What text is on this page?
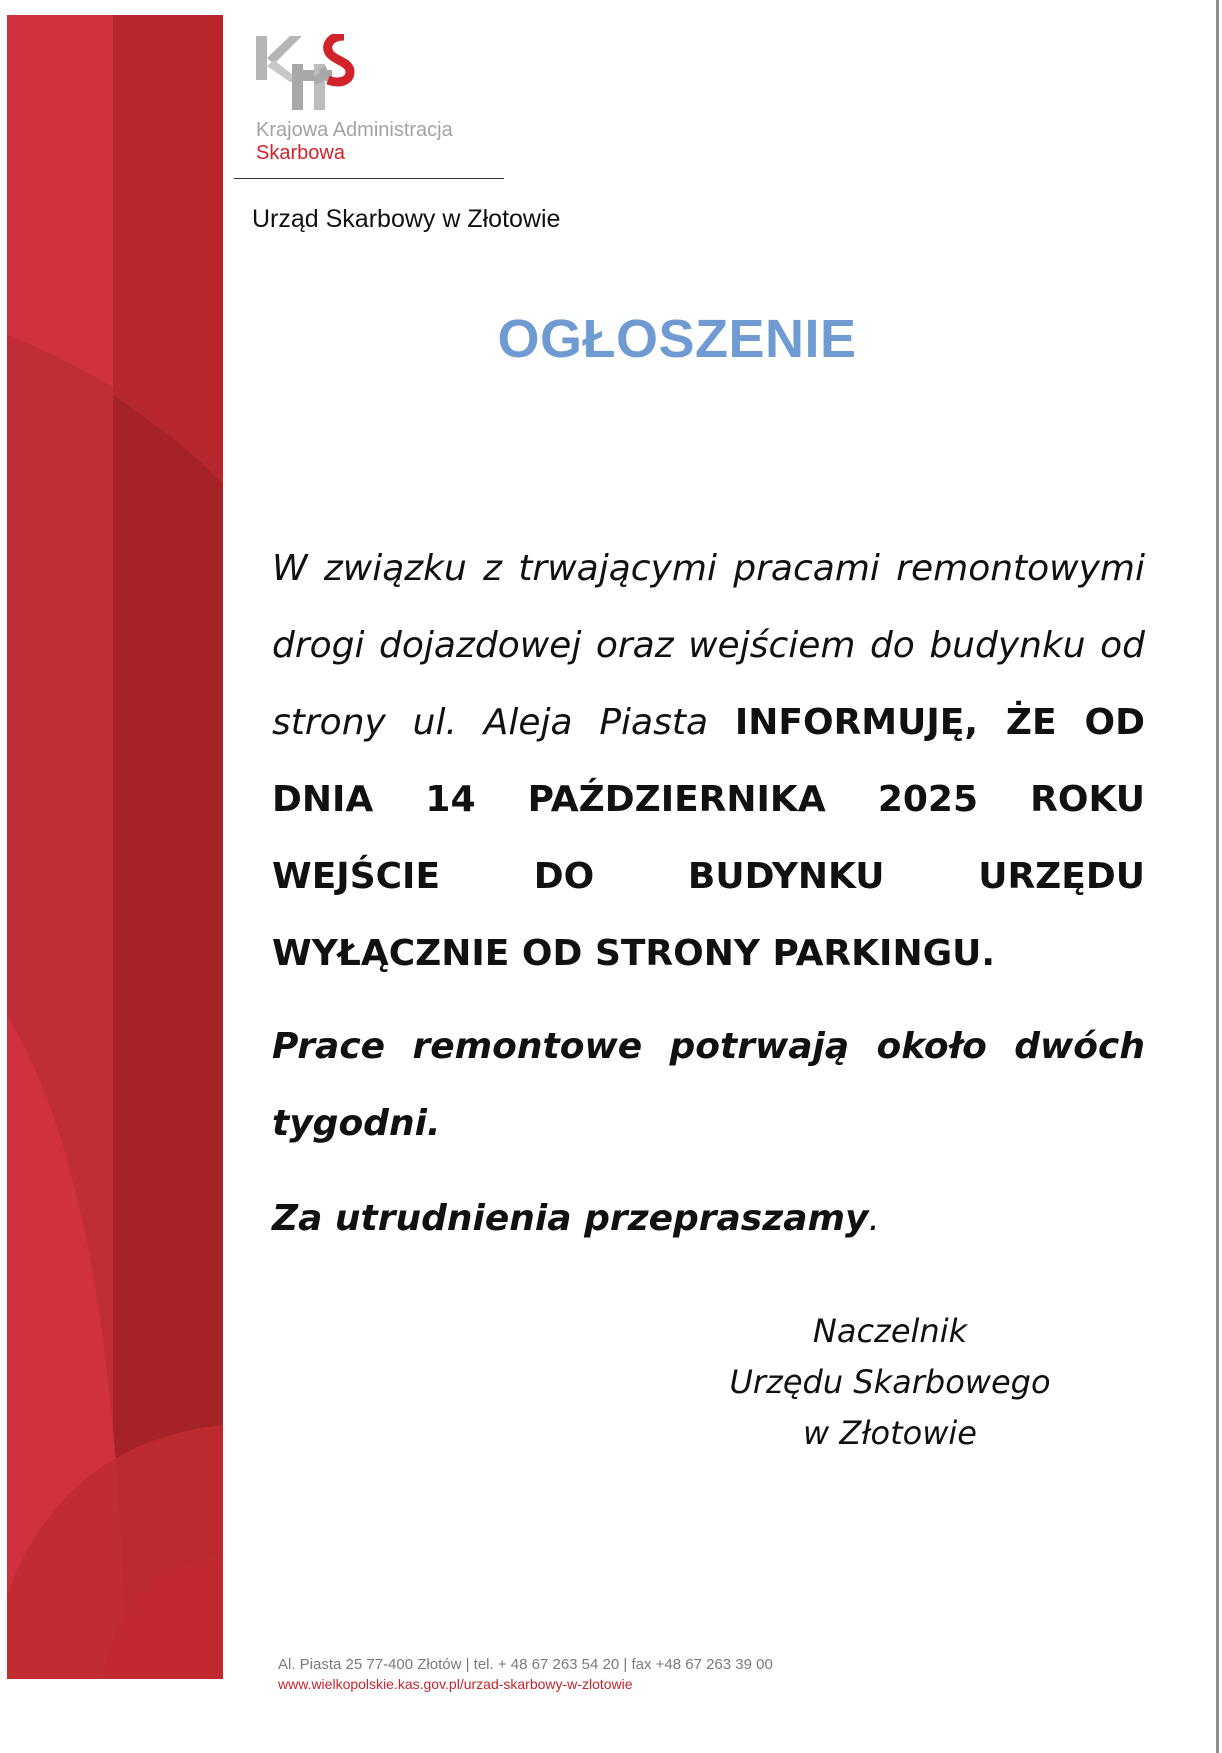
Krajowa Administracja
Skarbowa
Urząd Skarbowy w Złotowie
OGŁOSZENIE

W związku z trwającymi pracami remontowymi drogi dojazdowej oraz wejściem do budynku od strony ul. Aleja Piasta INFORMUJĘ, ŻE OD DNIA 14 PAŹDZIERNIKA 2025 ROKU WEJŚCIE DO BUDYNKU URZĘDU WYŁĄCZNIE OD STRONY PARKINGU.

Prace remontowe potrwają około dwóch tygodni.

Za utrudnienia przepraszamy.

Naczelnik
Urzędu Skarbowego
w Złotowie
Al. Piasta 25 77-400 Złotów | tel. + 48 67 263 54 20 | fax +48 67 263 39 00
www.wielkopolskie.kas.gov.pl/urzad-skarbowy-w-zlotowie
